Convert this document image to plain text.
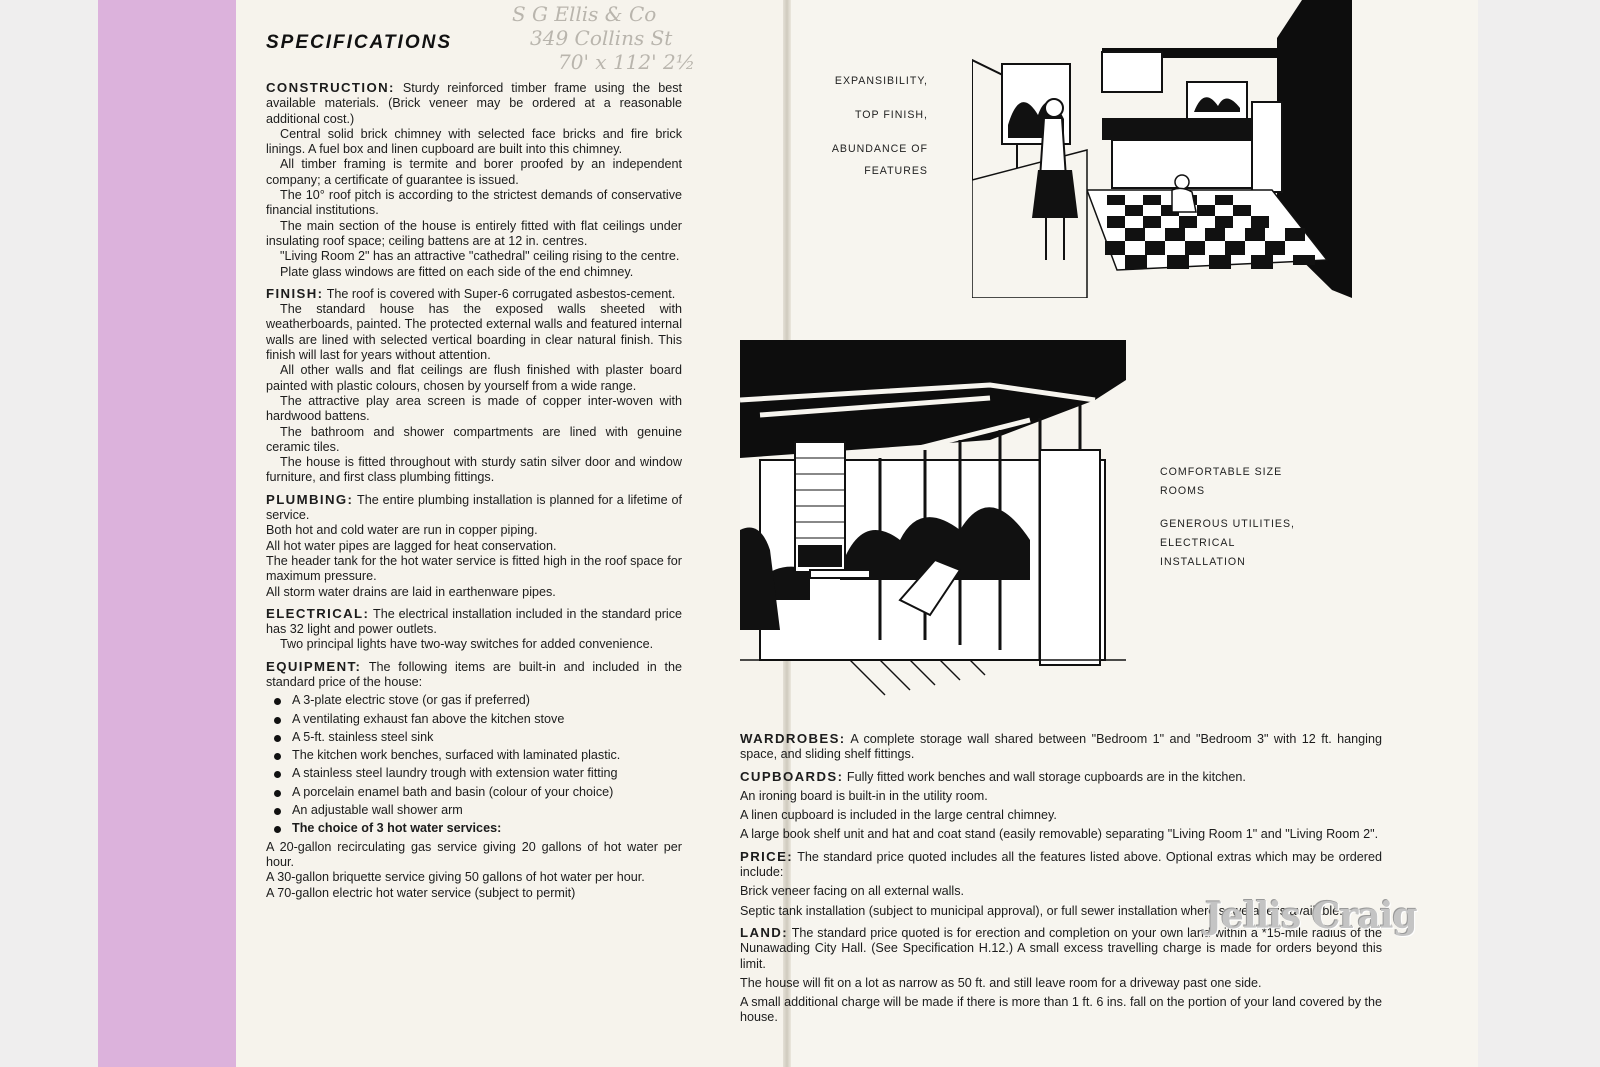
S G Ellis & Co
349 Collins St
70' x 112' 2½
SPECIFICATIONS

CONSTRUCTION: Sturdy reinforced timber frame using the best available materials. (Brick veneer may be ordered at a reasonable additional cost.)

Central solid brick chimney with selected face bricks and fire brick linings. A fuel box and linen cupboard are built into this chimney.

All timber framing is termite and borer proofed by an independent company; a certificate of guarantee is issued.

The 10° roof pitch is according to the strictest demands of conservative financial institutions.

The main section of the house is entirely fitted with flat ceilings under insulating roof space; ceiling battens are at 12 in. centres.

"Living Room 2" has an attractive "cathedral" ceiling rising to the centre.

Plate glass windows are fitted on each side of the end chimney.

FINISH: The roof is covered with Super-6 corrugated asbestos-cement.

The standard house has the exposed walls sheeted with weatherboards, painted. The protected external walls and featured internal walls are lined with selected vertical boarding in clear natural finish. This finish will last for years without attention.

All other walls and flat ceilings are flush finished with plaster board painted with plastic colours, chosen by yourself from a wide range.

The attractive play area screen is made of copper inter-woven with hardwood battens.

The bathroom and shower compartments are lined with genuine ceramic tiles.

The house is fitted throughout with sturdy satin silver door and window furniture, and first class plumbing fittings.

PLUMBING: The entire plumbing installation is planned for a lifetime of service.

Both hot and cold water are run in copper piping.

All hot water pipes are lagged for heat conservation.

The header tank for the hot water service is fitted high in the roof space for maximum pressure.

All storm water drains are laid in earthenware pipes.

ELECTRICAL: The electrical installation included in the standard price has 32 light and power outlets.

Two principal lights have two-way switches for added convenience.

EQUIPMENT: The following items are built-in and included in the standard price of the house:

A 3-plate electric stove (or gas if preferred)
A ventilating exhaust fan above the kitchen stove
A 5-ft. stainless steel sink
The kitchen work benches, surfaced with laminated plastic.
A stainless steel laundry trough with extension water fitting
A porcelain enamel bath and basin (colour of your choice)
An adjustable wall shower arm
The choice of 3 hot water services:

A 20-gallon recirculating gas service giving 20 gallons of hot water per hour.

A 30-gallon briquette service giving 50 gallons of hot water per hour.

A 70-gallon electric hot water service (subject to permit)

EXPANSIBILITY,
TOP FINISH,
ABUNDANCE OF
FEATURES
COMFORTABLE SIZE
ROOMS
GENEROUS UTILITIES,
ELECTRICAL
INSTALLATION

WARDROBES: A complete storage wall shared between "Bedroom 1" and "Bedroom 3" with 12 ft. hanging space, and sliding shelf fittings.

CUPBOARDS: Fully fitted work benches and wall storage cupboards are in the kitchen.

An ironing board is built-in in the utility room.

A linen cupboard is included in the large central chimney.

A large book shelf unit and hat and coat stand (easily removable) separating "Living Room 1" and "Living Room 2".

PRICE: The standard price quoted includes all the features listed above. Optional extras which may be ordered include:

Brick veneer facing on all external walls.

Septic tank installation (subject to municipal approval), or full sewer installation where sewerage is available.

LAND: The standard price quoted is for erection and completion on your own land within a *15-mile radius of the Nunawading City Hall. (See Specification H.12.) A small excess travelling charge is made for orders beyond this limit.

The house will fit on a lot as narrow as 50 ft. and still leave room for a driveway past one side.

A small additional charge will be made if there is more than 1 ft. 6 ins. fall on the portion of your land covered by the house.

Jellis Craig
